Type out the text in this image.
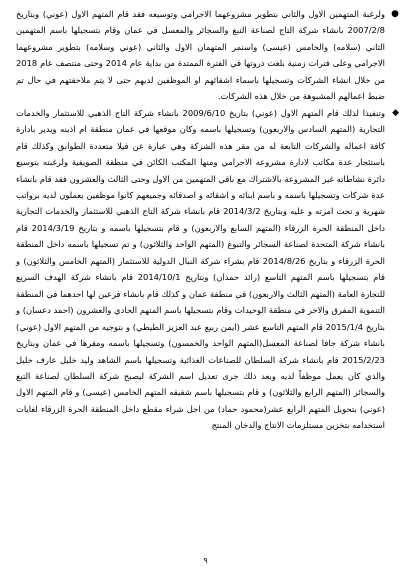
●
ولرغبة المتهمين الاول والثاني بتطوير مشروعهما الاجرامي وتوسيعه فقد قام المتهم الاول (عوني) وبتاريخ 2007/2/8 بانشاء شركة التاج لصناعة التبغ والسجائر والمعسل في عمان وقام بتسجيلها باسم المتهمين الثاني (سلامه) والخامس (عيسى) واستمر المتهمان الاول والثاني (عوني وسلامه) بتطوير مشروعهما الاجرامي وعلى فترات زمنية بلغت ذروتها في الفترة الممتدة من بداية عام 2014 وحتى منتصف عام 2018 من خلال انشاء الشركات وتسجيلها باسماء اشقائهم او الموظفين لديهم حتى لا يتم ملاحقتهم في حال تم ضبط اعمالهم المشبوهة من خلال هذه الشركات.

◆
وتنفيذا لذلك قام المتهم الاول (عوني) بتاريخ 2009/6/10 بانشاء شركة التاج الذهبي للاستثمار والخدمات التجارية (المتهم السادس والاربعون) وتسجيلها باسمه وكان موقعها في عمان منطقة ام اذينه ويدير بادارة كافة اعماله والشركات التابعة له من مقر هذه الشركة وهي عبارة عن فيلا متعددة الطوابق وكذلك قام باستئجار عدة مكاتب لادارة مشروعه الاجرامي ومنها المكتب الكائن في منطقة الصويفية ولرغبته بتوسيع دائرة نشاطاته غير المشروعة بالاشتراك مع باقي المتهمين من الاول وحتى الثالث والعشرون فقد قام بانشاء عدة شركات وتسجيلها باسمه و باسم ابنائه و اشقائه و اصدقائه وجميعهم كانوا موظفين يعملون لديه برواتب شهرية و تحت امرته و عليه وبتاريخ 2014/3/2 قام بانشاء شركة التاج الذهبي للاستثمار والخدمات التجارية داخل المنطقة الحرة الزرقاء (المتهم السابع والاربعون) و قام بتسجيلها باسمه و بتاريخ 2014/3/19 قام بانشاء شركة المتحدة لصناعة السجائر والتبوغ (المتهم الواحد والثلاثون) و تم تسجيلها باسمه داخل المنطقة الحرة الزرقاء و بتاريخ 2014/8/26 قام بشراء شركة النبال الدولية للاستثمار (المتهم الخامس والثلاثون) و قام بتسجيلها باسم المتهم التاسع (رائد حمدان) وبتاريخ 2014/10/1 قام بانشاء شركة الهدف السريع للتجارة العامة (المتهم الثالث والاربعون) في منطقة عمان و كذلك قام بانشاء فرعين لها احدهما في المنطقة التنموية المفرق والاخر في منطقة الوحيدات وقام بتسجيلها باسم المتهم الحادي والعشرون (احمد دعسان) و بتاريخ 2015/1/4 قام المتهم التاسع عشر (ايمن ربيع عبد العزيز الطيطي) و بتوجيه من المتهم الاول (عوني) بانشاء شركة جافا لصناعة المعسل(المتهم الواحد والخمسون) وتسجيلها باسمه ومقرها في عمان وبتاريخ 2015/2/23 قام بانشاء شركة السلطان للصناعات الغذائية وتسجيلها باسم الشاهد وليد خليل عارف خليل والذي كان يعمل موظفاً لديه وبعد ذلك جرى تعديل اسم الشركة ليصبح شركة السلطان لصناعة التبغ والسجائر (المتهم الرابع والثلاثون) و قام بتسجيلها باسم شقيقه المتهم الخامس (عيسى) و قام المتهم الاول (عوني) بتحويل المتهم الرابع عشر(محمود حماد) من اجل شراء مقطع داخل المنطقة الحرة الزرقاء لغايات استخدامه بتخزين مستلزمات الانتاج والدخان المنتج

٩
